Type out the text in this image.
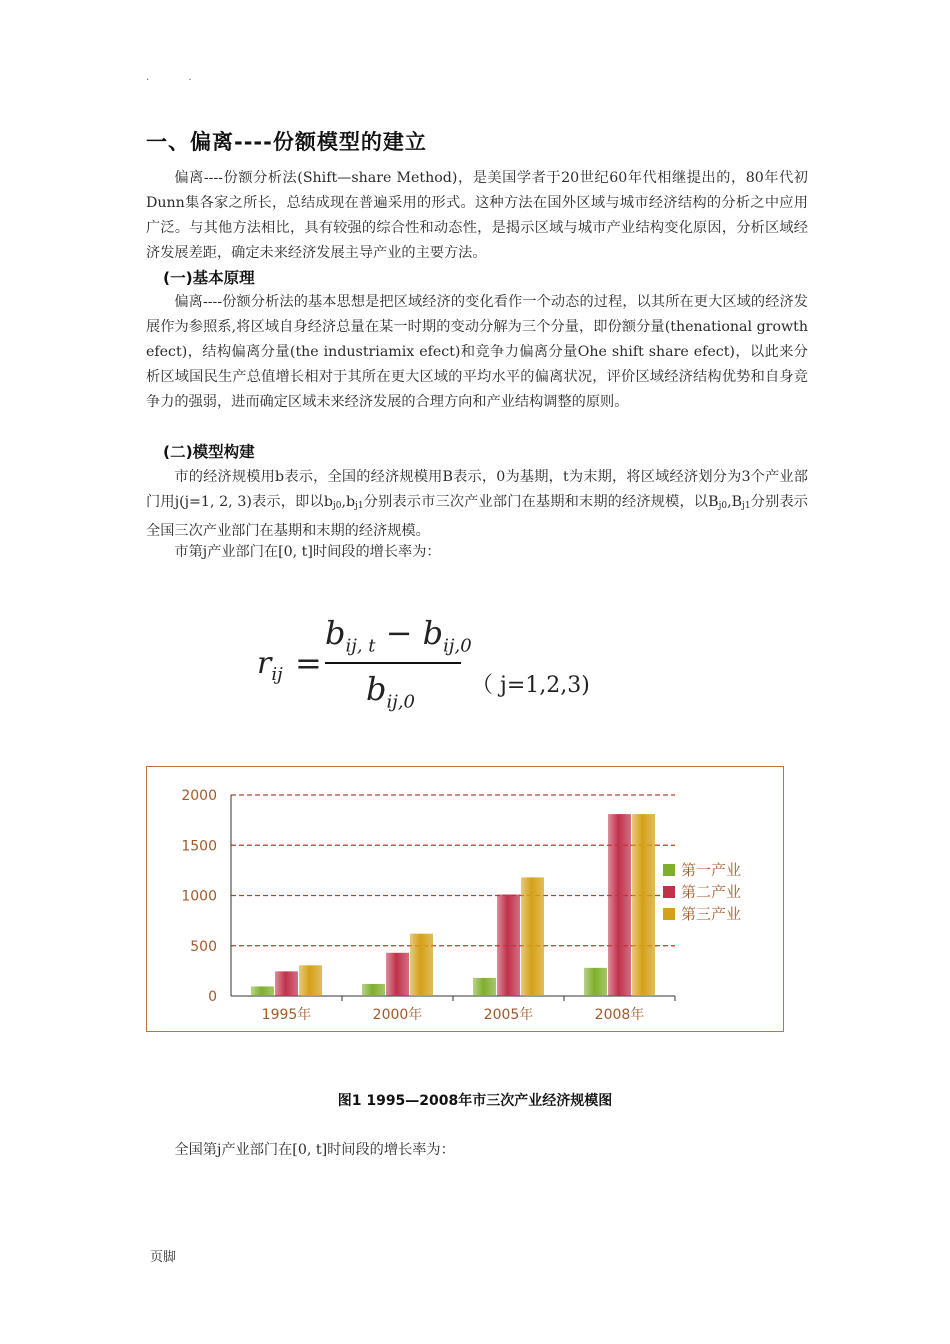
. .
一、偏离----份额模型的建立

偏离----份额分析法(Shift—share Method)，是美国学者于20世纪60年代相继提出的，80年代初Dunn集各家之所长，总结成现在普遍采用的形式。这种方法在国外区域与城市经济结构的分析之中应用广泛。与其他方法相比，具有较强的综合性和动态性，是揭示区域与城市产业结构变化原因，分析区域经济发展差距，确定未来经济发展主导产业的主要方法。

(一)基本原理

偏离----份额分析法的基本思想是把区域经济的变化看作一个动态的过程，以其所在更大区域的经济发展作为参照系,将区域自身经济总量在某一时期的变动分解为三个分量，即份额分量(thenational growth efect)，结构偏离分量(the industriamix efect)和竞争力偏离分量Ohe shift share efect)，以此来分析区域国民生产总值增长相对于其所在更大区域的平均水平的偏离状况，评价区域经济结构优势和自身竞争力的强弱，进而确定区域未来经济发展的合理方向和产业结构调整的原则。

(二)模型构建

市的经济规模用b表示，全国的经济规模用B表示，0为基期，t为末期，将区域经济划分为3个产业部门用j(j=1, 2, 3)表示，即以$b_{j0},b_{j1}$分别表示市三次产业部门在基期和末期的经济规模，以$B_{j0},B_{j1}$分别表示全国三次产业部门在基期和末期的经济规模。

市第j产业部门在[0, t]时间段的增长率为：

$r_{ij}$ =
$b_{ij, t} - b_{ij,0}$
$b_{ij,0}$
（ j=1,2,3)
0
500
1000
1500
2000
1995年	2000年	2005年	2008年
第一产业
第二产业
第三产业
图1 1995—2008年市三次产业经济规模图

全国第j产业部门在[0, t]时间段的增长率为：

页脚
